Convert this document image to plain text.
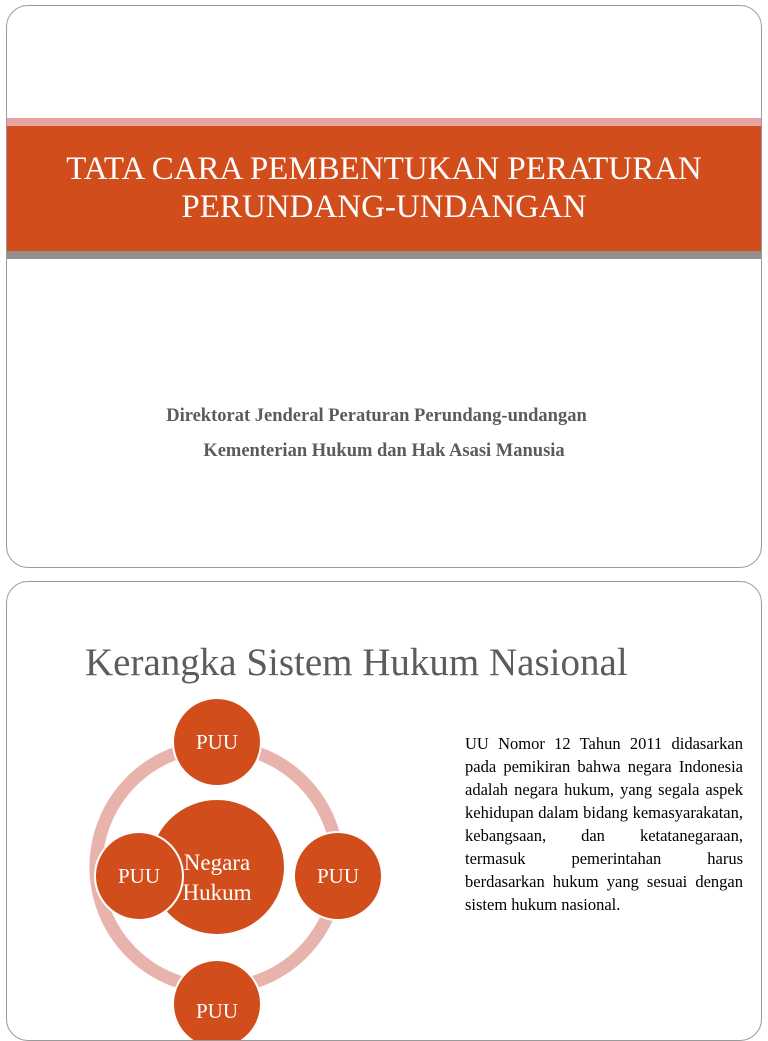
TATA CARA PEMBENTUKAN PERATURAN
PERUNDANG-UNDANGAN

Direktorat Jenderal Peraturan Perundang-undangan

Kementerian Hukum dan Hak Asasi Manusia

Kerangka Sistem Hukum Nasional
Negara
Hukum
PUU
PUU	PUU
PUU

UU Nomor 12 Tahun 2011 didasarkan pada pemikiran bahwa negara Indonesia adalah negara hukum, yang segala aspek kehidupan dalam bidang kemasyarakatan, kebangsaan, dan ketatanegaraan, termasuk pemerintahan harus berdasarkan hukum yang sesuai dengan sistem hukum nasional.
